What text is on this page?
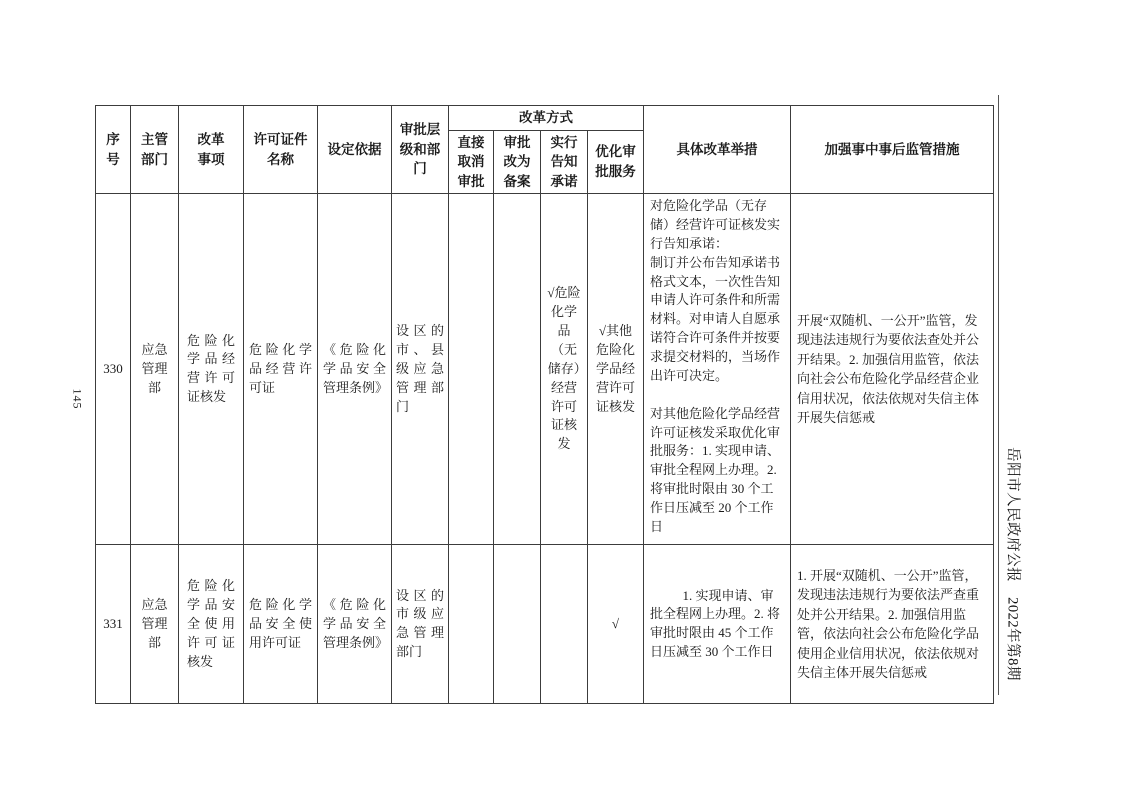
145
岳阳市人民政府公报　2022年第8期
序号	主管部门	改革事项	许可证件名称	设定依据	审批层级和部门	改革方式				具体改革举措	加强事中事后监管措施
						直接取消审批	审批改为备案	实行告知承诺	优化审批服务		
330	应急管理部	危险化学品经营许可证核发	危险化学品经营许可证	《危险化学品安全管理条例》	设区的市、县级应急管理部门			√危险化学品（无储存）经营许可证核发	√其他危险化学品经营许可证核发	对危险化学品（无存储）经营许可证核发实行告知承诺：

制订并公布告知承诺书格式文本，一次性告知申请人许可条件和所需材料。对申请人自愿承诺符合许可条件并按要求提交材料的，当场作出许可决定。

对其他危险化学品经营许可证核发采取优化审批服务：1. 实现申请、审批全程网上办理。2. 将审批时限由 30 个工作日压减至 20 个工作日	开展“双随机、一公开”监管，发现违法违规行为要依法查处并公开结果。2. 加强信用监管，依法向社会公布危险化学品经营企业信用状况，依法依规对失信主体开展失信惩戒
331	应急管理部	危险化学品安全使用许可证核发	危险化学品安全使用许可证	《危险化学品安全管理条例》	设区的市级应急管理部门				√	1. 实现申请、审批全程网上办理。2. 将审批时限由 45 个工作日压减至 30 个工作日	1. 开展“双随机、一公开”监管，发现违法违规行为要依法严查重处并公开结果。2. 加强信用监管，依法向社会公布危险化学品使用企业信用状况，依法依规对失信主体开展失信惩戒
